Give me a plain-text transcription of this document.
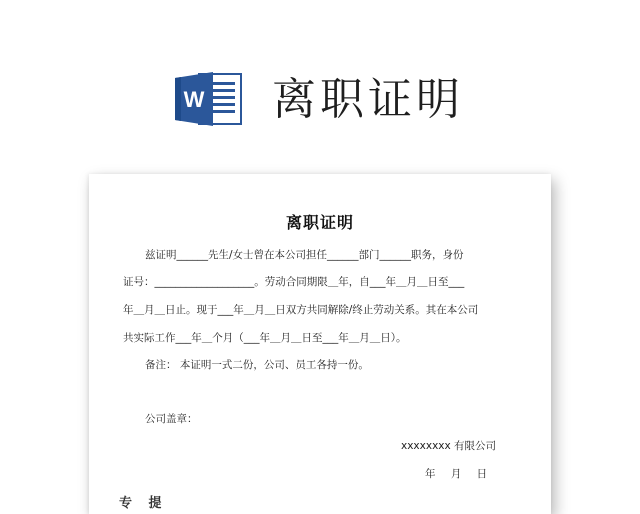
W 离职证明
离职证明
兹证明______先生/女士曾在本公司担任______部门______职务，身份
证号：___________________。劳动合同期限＿年，自___年＿月＿日至___
年＿月＿日止。现于___年＿月＿日双方共同解除/终止劳动关系。其在本公司
共实际工作___年＿个月（___年＿月＿日至___年＿月＿日）。
备注： 本证明一式二份，公司、员工各持一份。
公司盖章：
xxxxxxxx 有限公司
年 月 日
专 提
